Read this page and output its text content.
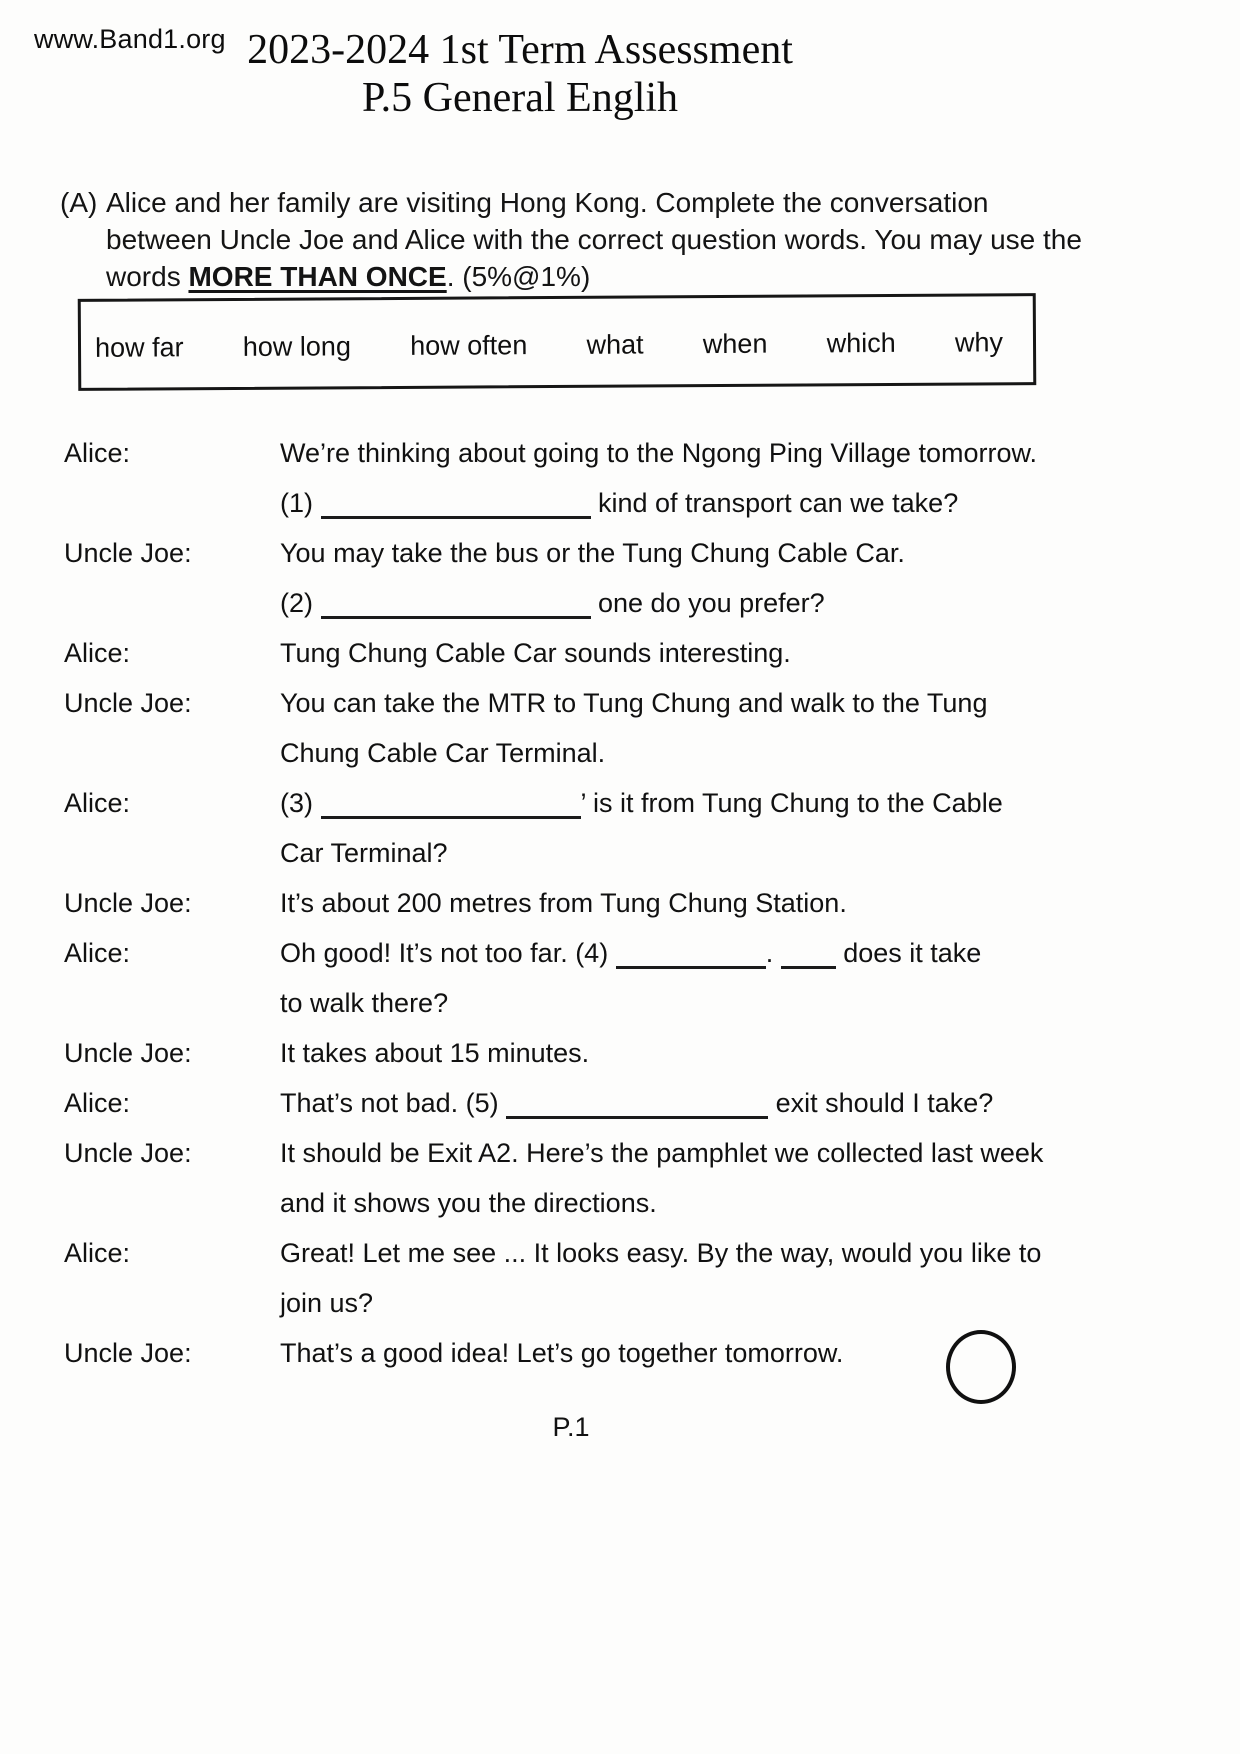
www.Band1.org 2023-2024 1st Term Assessment
P.5 General Englih
(A) Alice and her family are visiting Hong Kong. Complete the conversation
between Uncle Joe and Alice with the correct question words. You may use the
words MORE THAN ONCE. (5%@1%)
how far how long how often what when which why
Alice:	We’re thinking about going to the Ngong Ping Village tomorrow.
(1)	kind of transport can we take?
Uncle Joe:	You may take the bus or the Tung Chung Cable Car.
(2)	one do you prefer?
Alice:	Tung Chung Cable Car sounds interesting.
Uncle Joe:	You can take the MTR to Tung Chung and walk to the Tung
Chung Cable Car Terminal.
Alice:	(3)	’ is it from Tung Chung to the Cable
Car Terminal?
Uncle Joe:	It’s about 200 metres from Tung Chung Station.
Alice:	Oh good! It’s not too far. (4)	.  does it take
to walk there?
Uncle Joe:	It takes about 15 minutes.
Alice:	That’s not bad. (5)	exit should I take?
Uncle Joe:	It should be Exit A2. Here’s the pamphlet we collected last week
and it shows you the directions.
Alice:	Great! Let me see ... It looks easy. By the way, would you like to
join us?
Uncle Joe:	That’s a good idea! Let’s go together tomorrow.
P.1
